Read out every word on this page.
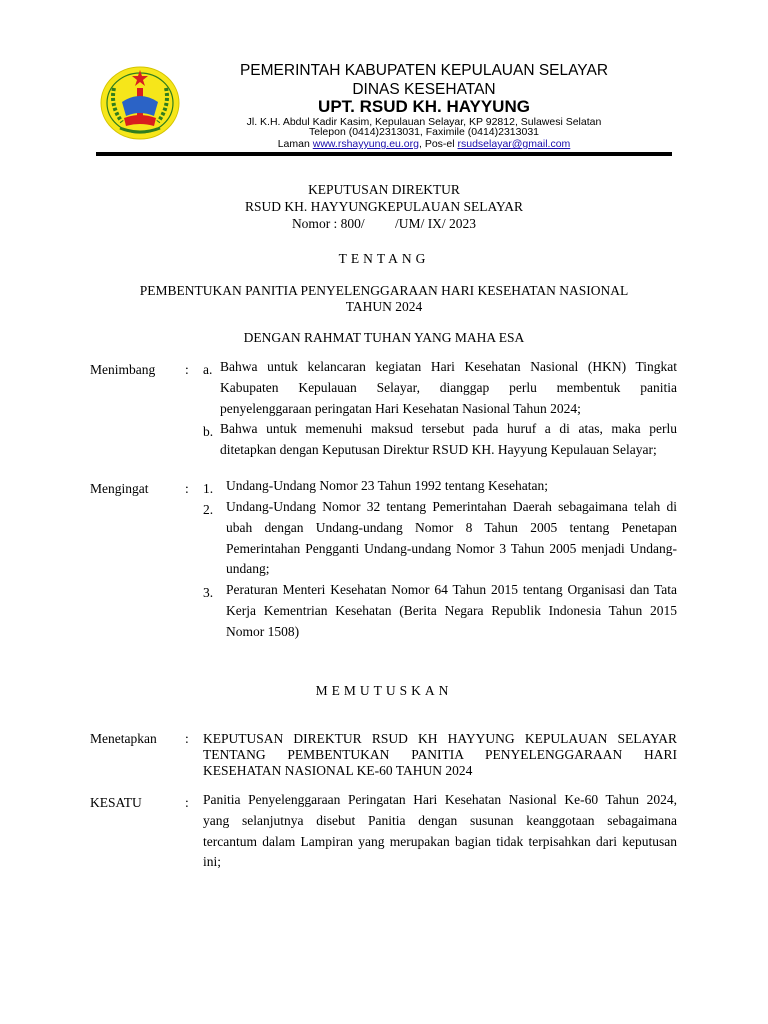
PEMERINTAH KABUPATEN KEPULAUAN SELAYAR
DINAS KESEHATAN
UPT. RSUD KH. HAYYUNG
Jl. K.H. Abdul Kadir Kasim, Kepulauan Selayar, KP 92812, Sulawesi Selatan
Telepon (0414)2313031, Faximile (0414)2313031
Laman www.rshayyung.eu.org, Pos-el rsudselayar@gmail.com
KEPUTUSAN DIREKTUR
RSUD KH. HAYYUNGKEPULAUAN SELAYAR
Nomor : 800/         /UM/ IX/ 2023
TENTANG
PEMBENTUKAN PANITIA PENYELENGGARAAN HARI KESEHATAN NASIONAL
TAHUN 2024
DENGAN RAHMAT TUHAN YANG MAHA ESA
Menimbang : a. Bahwa untuk kelancaran kegiatan Hari Kesehatan Nasional (HKN) Tingkat
Kabupaten Kepulauan Selayar, dianggap perlu membentuk panitia
penyelenggaraan peringatan Hari Kesehatan Nasional Tahun 2024;
b. Bahwa untuk memenuhi maksud tersebut pada huruf a di atas, maka perlu
ditetapkan dengan Keputusan Direktur RSUD KH. Hayyung Kepulauan Selayar;
Mengingat	: 1. Undang-Undang Nomor 23 Tahun 1992 tentang Kesehatan;
2. Undang-Undang Nomor 32 tentang Pemerintahan Daerah sebagaimana telah di
ubah dengan Undang-undang Nomor 8 Tahun 2005 tentang Penetapan
Pemerintahan Pengganti Undang-undang Nomor 3 Tahun 2005 menjadi Undang-
undang;
3. Peraturan Menteri Kesehatan Nomor 64 Tahun 2015 tentang Organisasi dan Tata
Kerja Kementrian Kesehatan (Berita Negara Republik Indonesia Tahun 2015
Nomor 1508)
MEMUTUSKAN
Menetapkan : KEPUTUSAN DIREKTUR RSUD KH HAYYUNG KEPULAUAN SELAYAR
TENTANG PEMBENTUKAN PANITIA PENYELENGGARAAN HARI
KESEHATAN NASIONAL KE-60 TAHUN 2024
KESATU	: Panitia Penyelenggaraan Peringatan Hari Kesehatan Nasional Ke-60 Tahun 2024,
yang selanjutnya disebut Panitia dengan susunan keanggotaan sebagaimana
tercantum dalam Lampiran yang merupakan bagian tidak terpisahkan dari keputusan
ini;
